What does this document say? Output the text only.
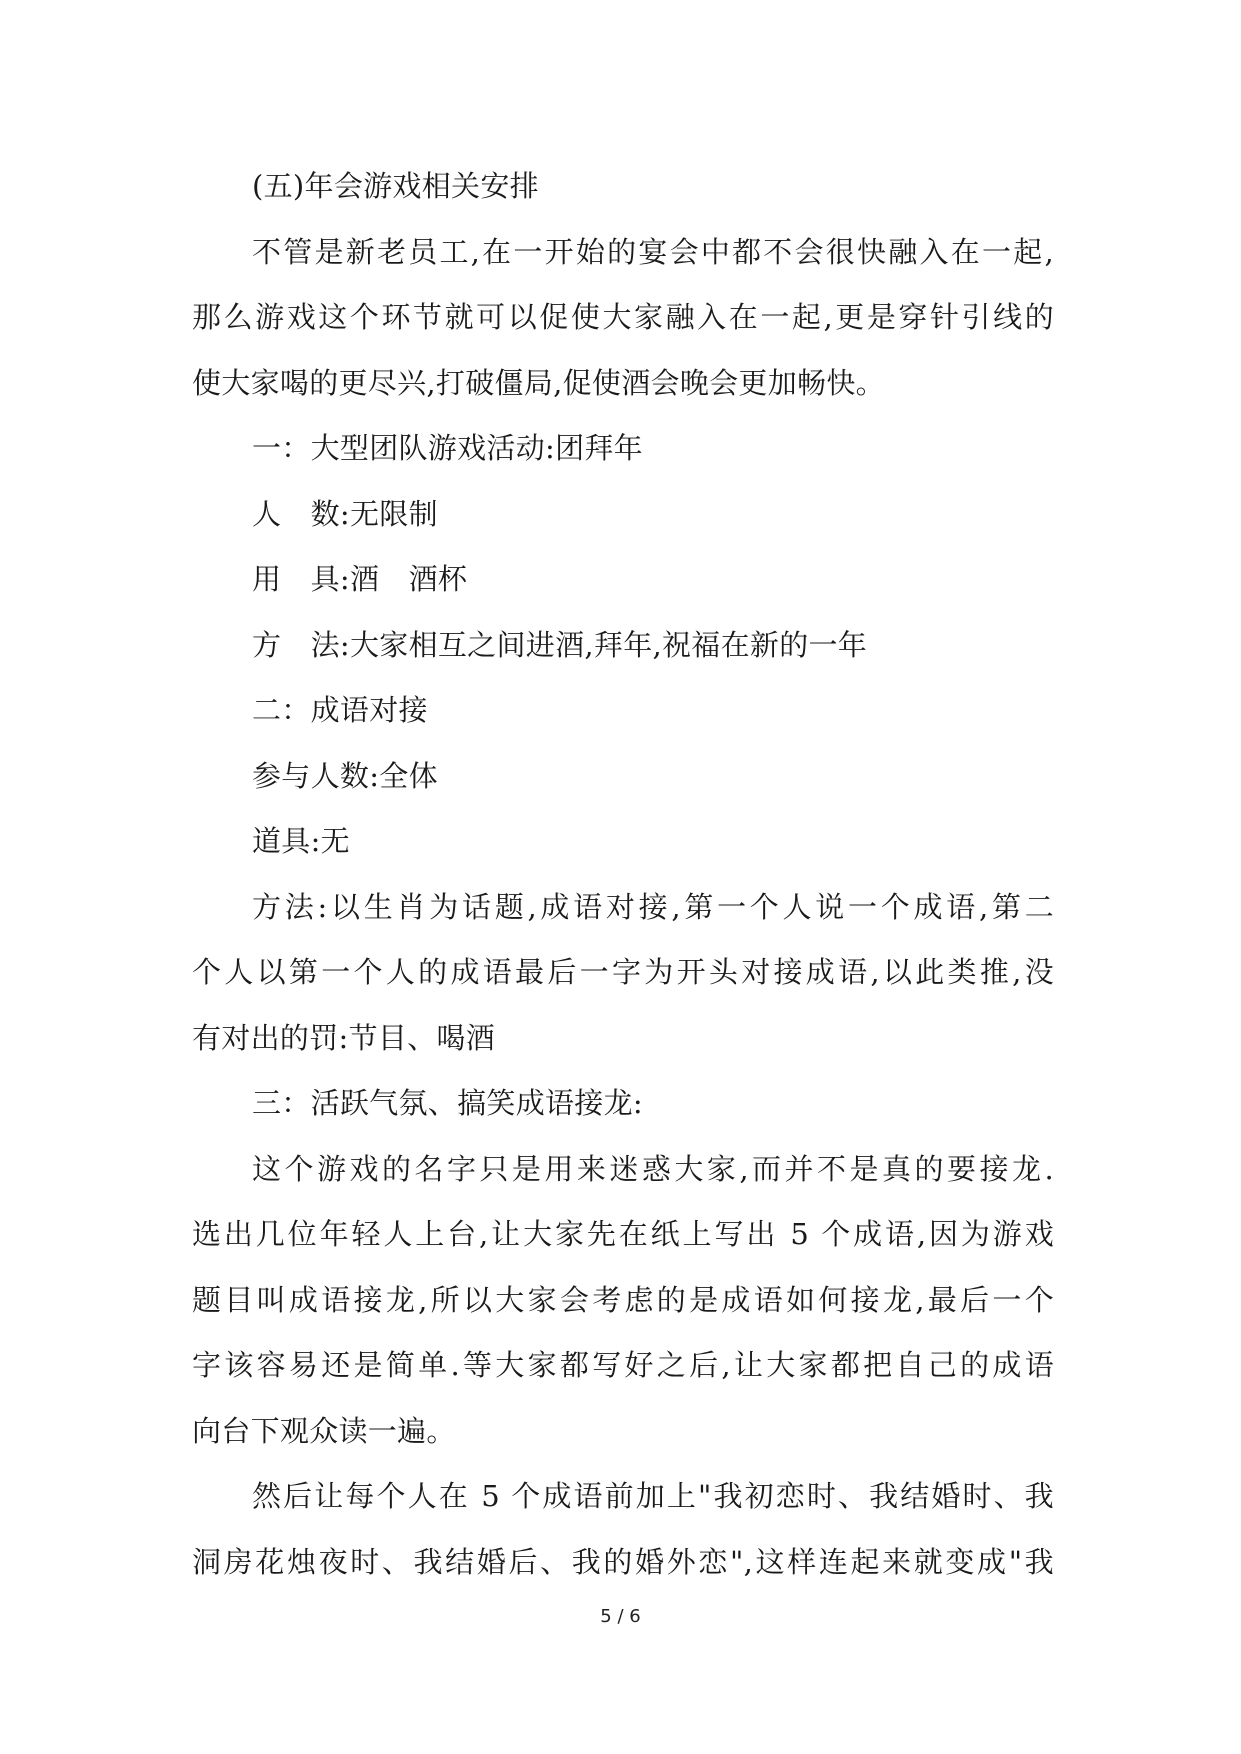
(五)年会游戏相关安排
不管是新老员工,在一开始的宴会中都不会很快融入在一起,
那么游戏这个环节就可以促使大家融入在一起,更是穿针引线的
使大家喝的更尽兴,打破僵局,促使酒会晚会更加畅快。
一：大型团队游戏活动:团拜年
人　数:无限制
用　具:酒　酒杯
方　法:大家相互之间进酒,拜年,祝福在新的一年
二：成语对接
参与人数:全体
道具:无
方法:以生肖为话题,成语对接,第一个人说一个成语,第二
个人以第一个人的成语最后一字为开头对接成语,以此类推,没
有对出的罚:节目、喝酒
三：活跃气氛、搞笑成语接龙:
这个游戏的名字只是用来迷惑大家,而并不是真的要接龙.
选出几位年轻人上台,让大家先在纸上写出 5 个成语,因为游戏
题目叫成语接龙,所以大家会考虑的是成语如何接龙,最后一个
字该容易还是简单.等大家都写好之后,让大家都把自己的成语
向台下观众读一遍。
然后让每个人在 5 个成语前加上"我初恋时、我结婚时、我
洞房花烛夜时、我结婚后、我的婚外恋",这样连起来就变成"我
5 / 6
